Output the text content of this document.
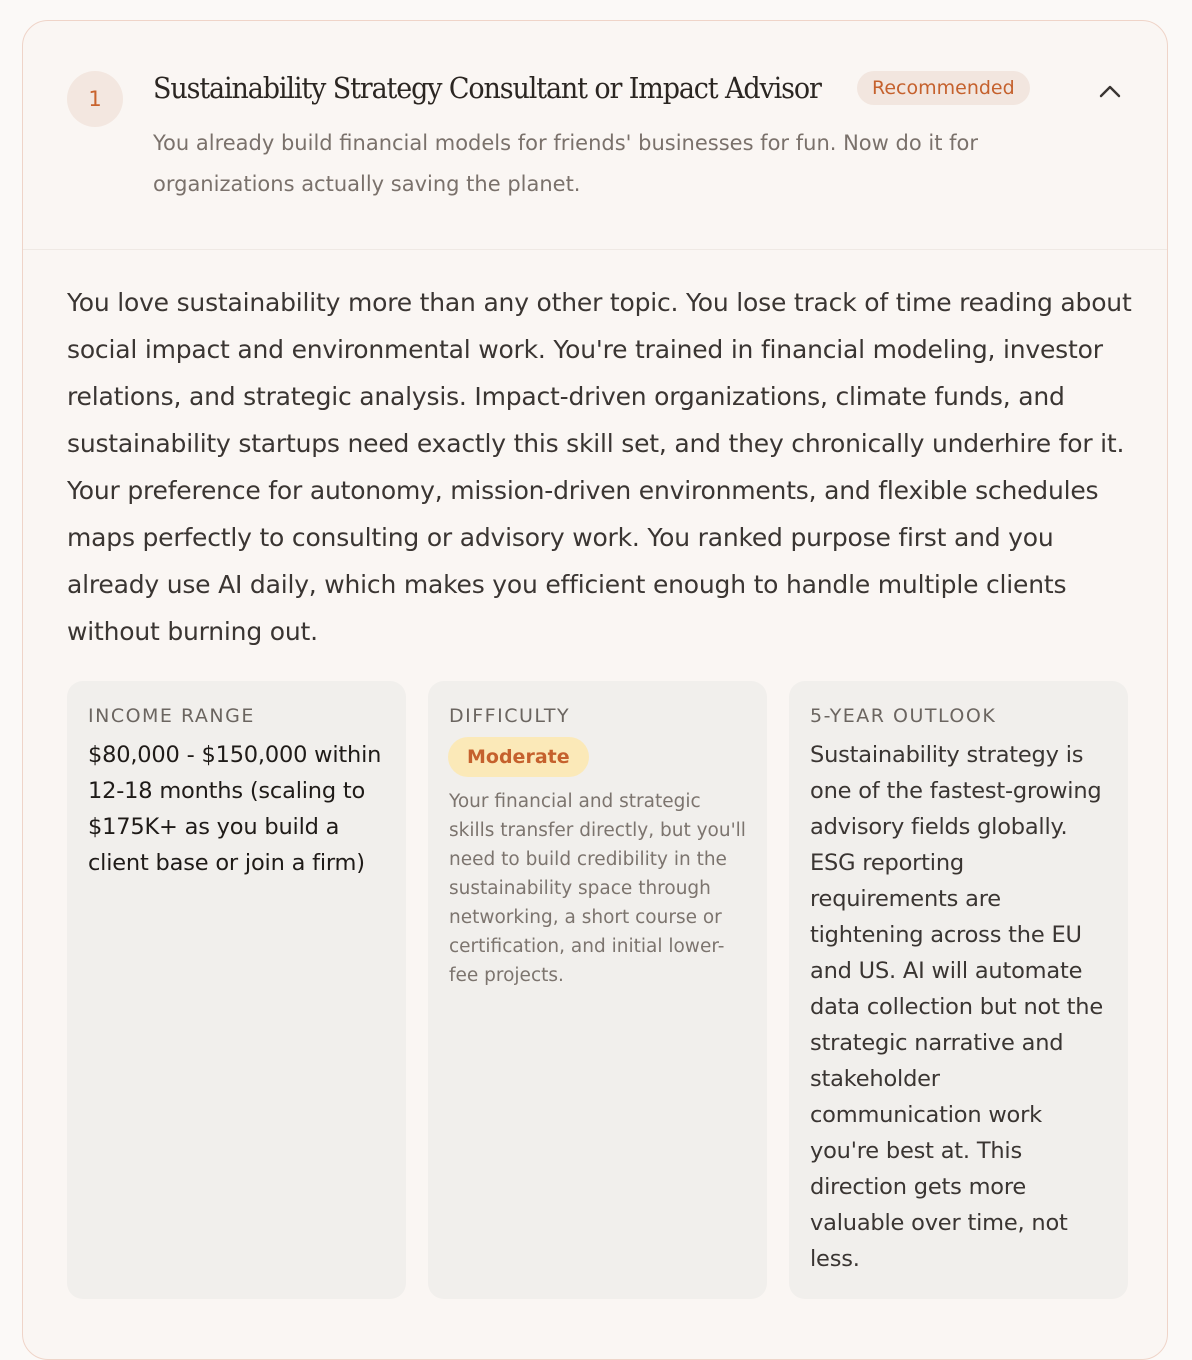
1	Sustainability Strategy Consultant or Impact Advisor	Recommended
You already build financial models for friends' businesses for fun. Now do it for organizations actually saving the planet.

You love sustainability more than any other topic. You lose track of time reading about social impact and environmental work. You're trained in financial modeling, investor relations, and strategic analysis. Impact-driven organizations, climate funds, and sustainability startups need exactly this skill set, and they chronically underhire for it. Your preference for autonomy, mission-driven environments, and flexible schedules maps perfectly to consulting or advisory work. You ranked purpose first and you already use AI daily, which makes you efficient enough to handle multiple clients without burning out.

INCOME RANGE
$80,000 - $150,000 within 12-18 months (scaling to $175K+ as you build a client base or join a firm)
DIFFICULTY
Moderate
Your financial and strategic skills transfer directly, but you'll need to build credibility in the sustainability space through networking, a short course or certification, and initial lower-fee projects.
5-YEAR OUTLOOK
Sustainability strategy is one of the fastest-growing advisory fields globally. ESG reporting requirements are tightening across the EU and US. AI will automate data collection but not the strategic narrative and stakeholder communication work you're best at. This direction gets more valuable over time, not less.
